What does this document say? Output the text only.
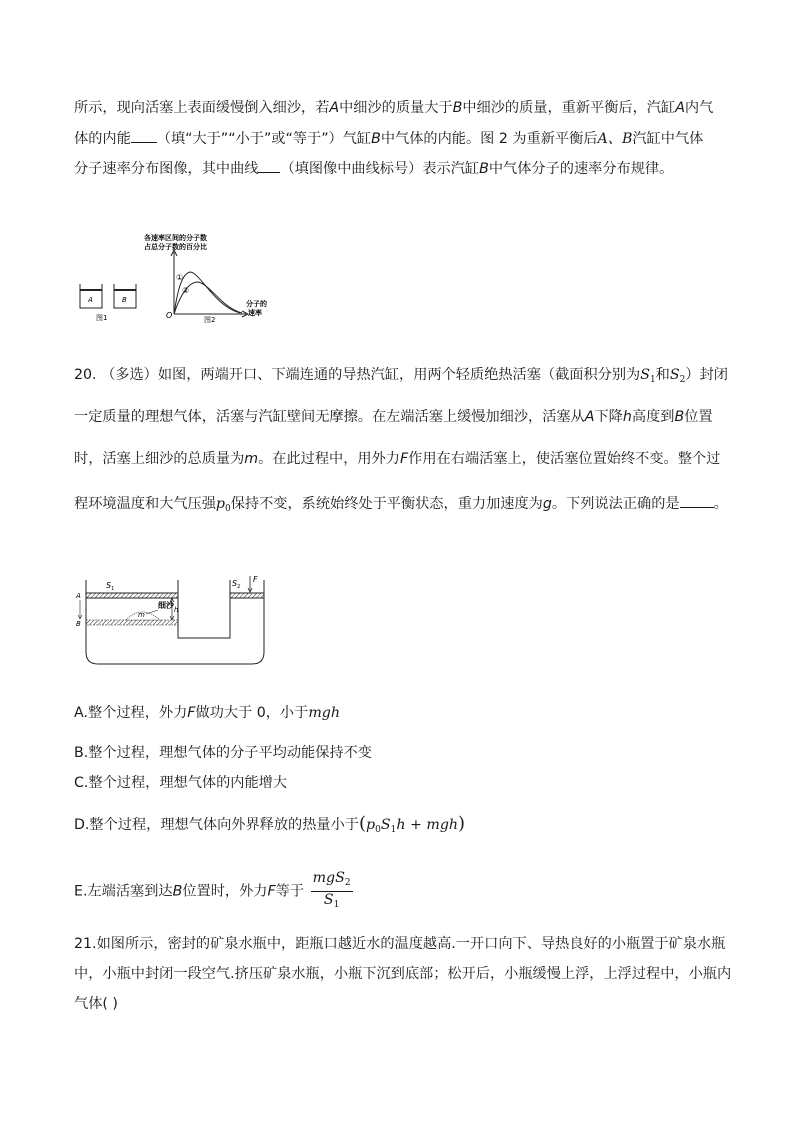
所示，现向活塞上表面缓慢倒入细沙，若A中细沙的质量大于B中细沙的质量，重新平衡后，汽缸A内气
体的内能 （填“大于”“小于”或“等于”）气缸B中气体的内能。图 2 为重新平衡后A、B汽缸中气体
分子速率分布图像，其中曲线 （填图像中曲线标号）表示汽缸B中气体分子的速率分布规律。
A	B
图1
各速率区间的分子数
占总分子数的百分比
①
②
O
分子的
速率
图2
20. （多选）如图，两端开口、下端连通的导热汽缸，用两个轻质绝热活塞（截面积分别为$S_1$和$S_2$）封闭
一定质量的理想气体，活塞与汽缸壁间无摩擦。在左端活塞上缓慢加细沙，活塞从A下降h高度到B位置
时，活塞上细沙的总质量为m。在此过程中，用外力F作用在右端活塞上，使活塞位置始终不变。整个过
程环境温度和大气压强$p_0$保持不变，系统始终处于平衡状态，重力加速度为g。下列说法正确的是 。
m
细沙 h
A
B
$S_1$
$S_2$
F
A.整个过程，外力F做功大于 0，小于mgh
B.整个过程，理想气体的分子平均动能保持不变
C.整个过程，理想气体的内能增大
D.整个过程，理想气体向外界释放的热量小于$(p_0S_1h + mgh)$
E.左端活塞到达B位置时，外力F等于 $\frac{mgS_2}{S_1}$
21.如图所示，密封的矿泉水瓶中，距瓶口越近水的温度越高.一开口向下、导热良好的小瓶置于矿泉水瓶
中，小瓶中封闭一段空气.挤压矿泉水瓶，小瓶下沉到底部；松开后，小瓶缓慢上浮，上浮过程中，小瓶内
气体( )
